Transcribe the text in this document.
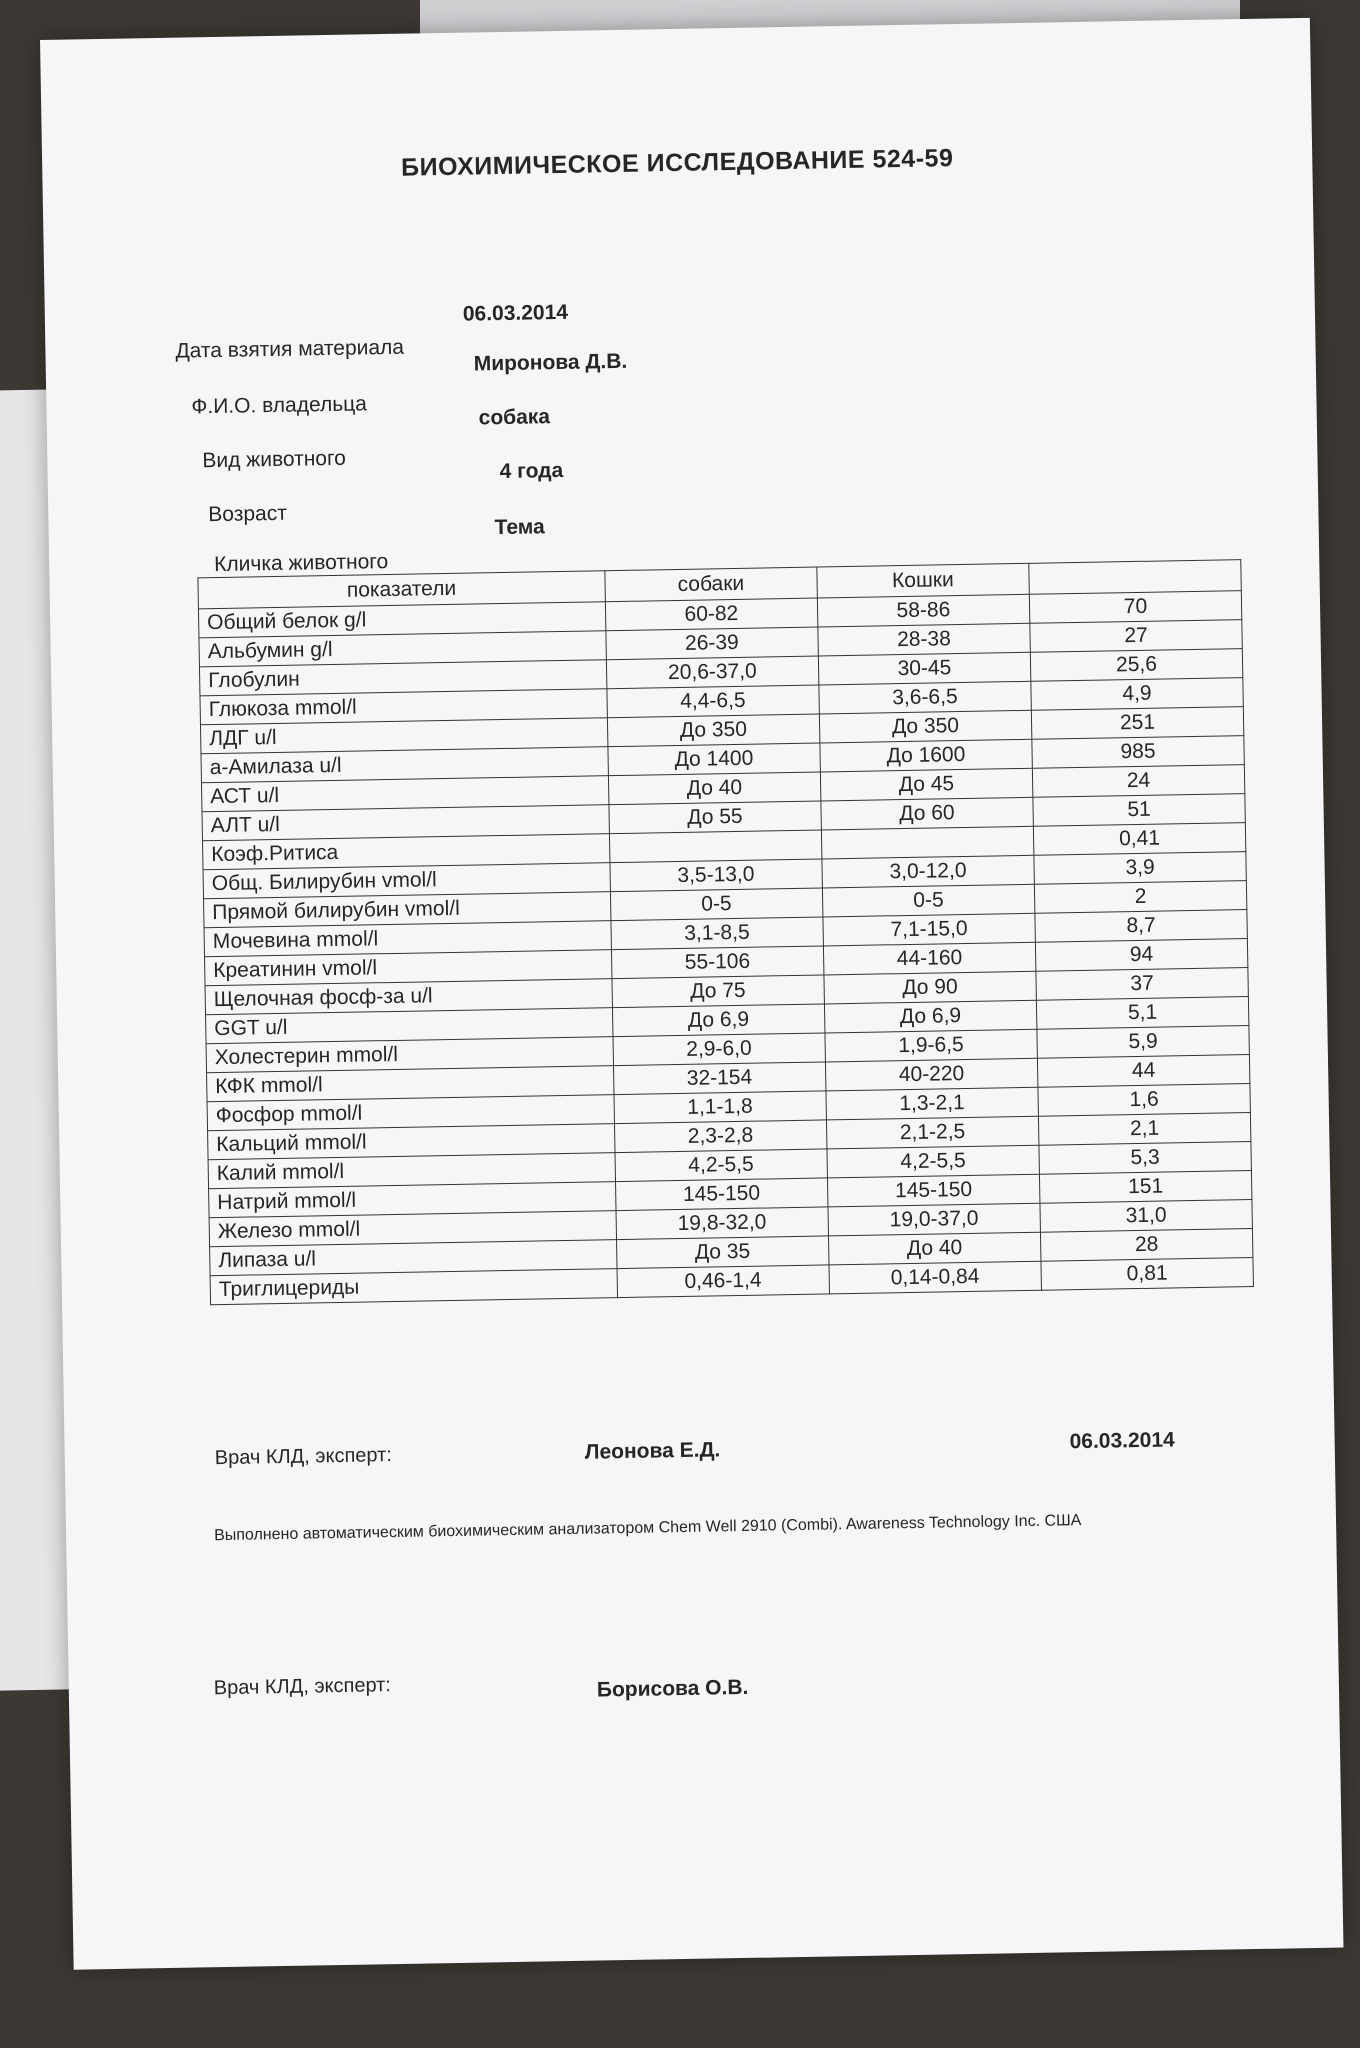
БИОХИМИЧЕСКОЕ ИССЛЕДОВАНИЕ 524-59
Дата взятия материала
06.03.2014
Ф.И.О. владельца
Миронова Д.В.
Вид животного
собака
Возраст
4 года
Кличка животного
Тема
показатели	собаки	Кошки	
Общий белок g/l	60-82	58-86	70
Альбумин g/l	26-39	28-38	27
Глобулин	20,6-37,0	30-45	25,6
Глюкоза mmol/l	4,4-6,5	3,6-6,5	4,9
ЛДГ u/l	До 350	До 350	251
а-Амилаза u/l	До 1400	До 1600	985
АСТ u/l	До 40	До 45	24
АЛТ u/l	До 55	До 60	51
Коэф.Ритиса			0,41
Общ. Билирубин vmol/l	3,5-13,0	3,0-12,0	3,9
Прямой билирубин vmol/l	0-5	0-5	2
Мочевина mmol/l	3,1-8,5	7,1-15,0	8,7
Креатинин vmol/l	55-106	44-160	94
Щелочная фосф-за u/l	До 75	До 90	37
GGT u/l	До 6,9	До 6,9	5,1
Холестерин mmol/l	2,9-6,0	1,9-6,5	5,9
КФК mmol/l	32-154	40-220	44
Фосфор mmol/l	1,1-1,8	1,3-2,1	1,6
Кальций mmol/l	2,3-2,8	2,1-2,5	2,1
Калий mmol/l	4,2-5,5	4,2-5,5	5,3
Натрий mmol/l	145-150	145-150	151
Железо mmol/l	19,8-32,0	19,0-37,0	31,0
Липаза u/l	До 35	До 40	28
Триглицериды	0,46-1,4	0,14-0,84	0,81
Врач КЛД, эксперт:	Леонова Е.Д.	06.03.2014
Выполнено автоматическим биохимическим анализатором Chem Well 2910 (Combi). Awareness Technology Inc. США
Врач КЛД, эксперт:	Борисова О.В.
